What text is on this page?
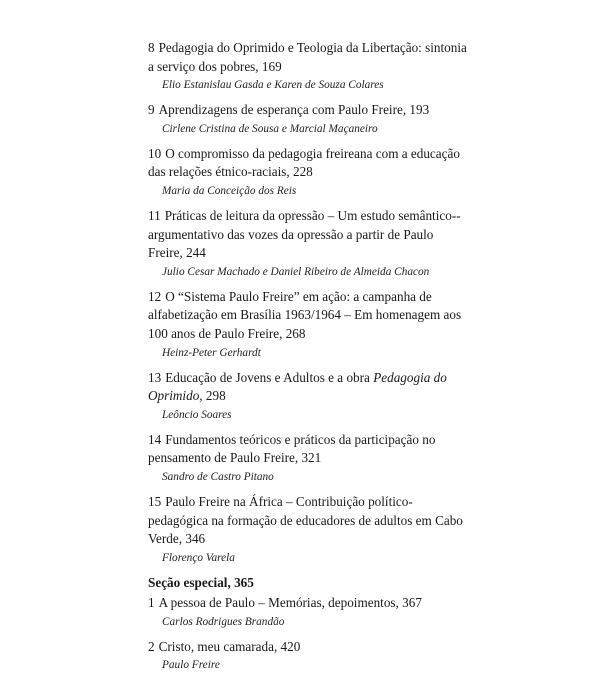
8 Pedagogia do Oprimido e Teologia da Libertação: sintonia a serviço dos pobres, 169

Elio Estanislau Gasda e Karen de Souza Colares

9 Aprendizagens de esperança com Paulo Freire, 193

Cirlene Cristina de Sousa e Marcial Maçaneiro

10 O compromisso da pedagogia freireana com a educação das relações étnico-raciais, 228

Maria da Conceição dos Reis

11 Práticas de leitura da opressão – Um estudo semântico--argumentativo das vozes da opressão a partir de Paulo Freire, 244

Julio Cesar Machado e Daniel Ribeiro de Almeida Chacon

12 O “Sistema Paulo Freire” em ação: a campanha de alfabetização em Brasília 1963/1964 – Em homenagem aos 100 anos de Paulo Freire, 268

Heinz-Peter Gerhardt

13 Educação de Jovens e Adultos e a obra Pedagogia do Oprimido, 298

Leôncio Soares

14 Fundamentos teóricos e práticos da participação no pensamento de Paulo Freire, 321

Sandro de Castro Pitano

15 Paulo Freire na África – Contribuição político-pedagógica na formação de educadores de adultos em Cabo Verde, 346

Florenço Varela

Seção especial, 365

1 A pessoa de Paulo – Memórias, depoimentos, 367

Carlos Rodrigues Brandão

2 Cristo, meu camarada, 420

Paulo Freire
